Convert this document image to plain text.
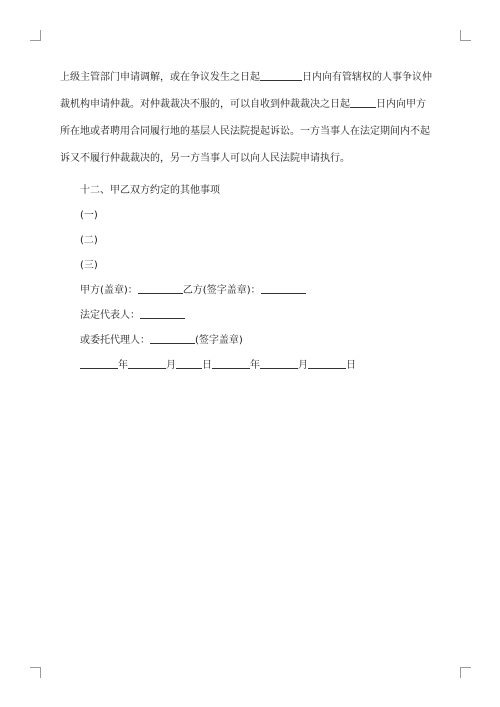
上级主管部门申请调解，或在争议发生之日起	日内向有管辖权的人事争议仲

裁机构申请仲裁。对仲裁裁决不服的，可以自收到仲裁裁决之日起	日内向甲方

所在地或者聘用合同履行地的基层人民法院提起诉讼。一方当事人在法定期间内不起

诉又不履行仲裁裁决的，另一方当事人可以向人民法院申请执行。

十二、甲乙双方约定的其他事项
(一)
(二)
(三)
甲方(盖章)：	乙方(签字盖章)：
法定代表人：
或委托代理人：	(签字盖章)
年	月	日	年	月	日
